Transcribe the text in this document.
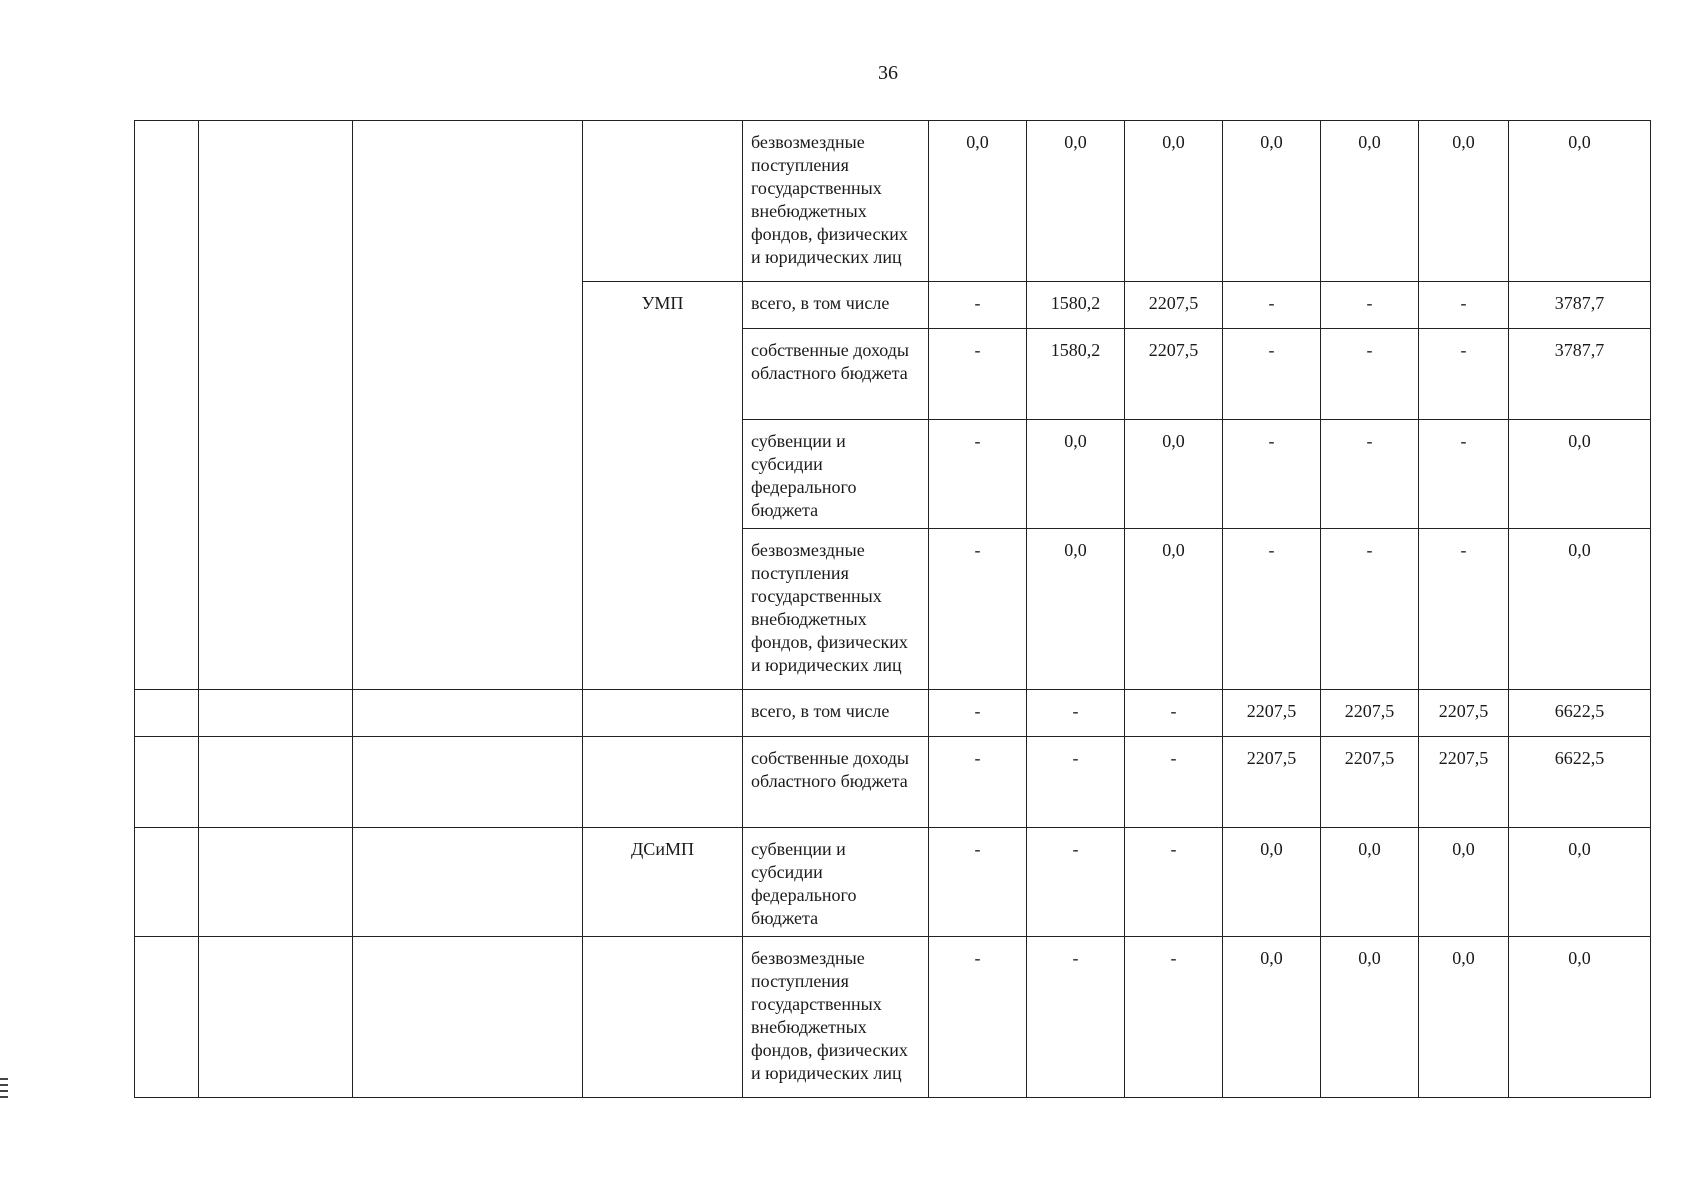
36
				безвозмездные поступления государственных внебюджетных фондов, физических и юридических лиц	0,0	0,0	0,0	0,0	0,0	0,0	0,0
			УМП	всего, в том числе	-	1580,2	2207,5	-	-	-	3787,7
				собственные доходы областного бюджета	-	1580,2	2207,5	-	-	-	3787,7
				субвенции и субсидии федерального бюджета	-	0,0	0,0	-	-	-	0,0
				безвозмездные поступления государственных внебюджетных фондов, физических и юридических лиц	-	0,0	0,0	-	-	-	0,0
				всего, в том числе	-	-	-	2207,5	2207,5	2207,5	6622,5
				собственные доходы областного бюджета	-	-	-	2207,5	2207,5	2207,5	6622,5
			ДСиМП	субвенции и субсидии федерального бюджета	-	-	-	0,0	0,0	0,0	0,0
				безвозмездные поступления государственных внебюджетных фондов, физических и юридических лиц	-	-	-	0,0	0,0	0,0	0,0
